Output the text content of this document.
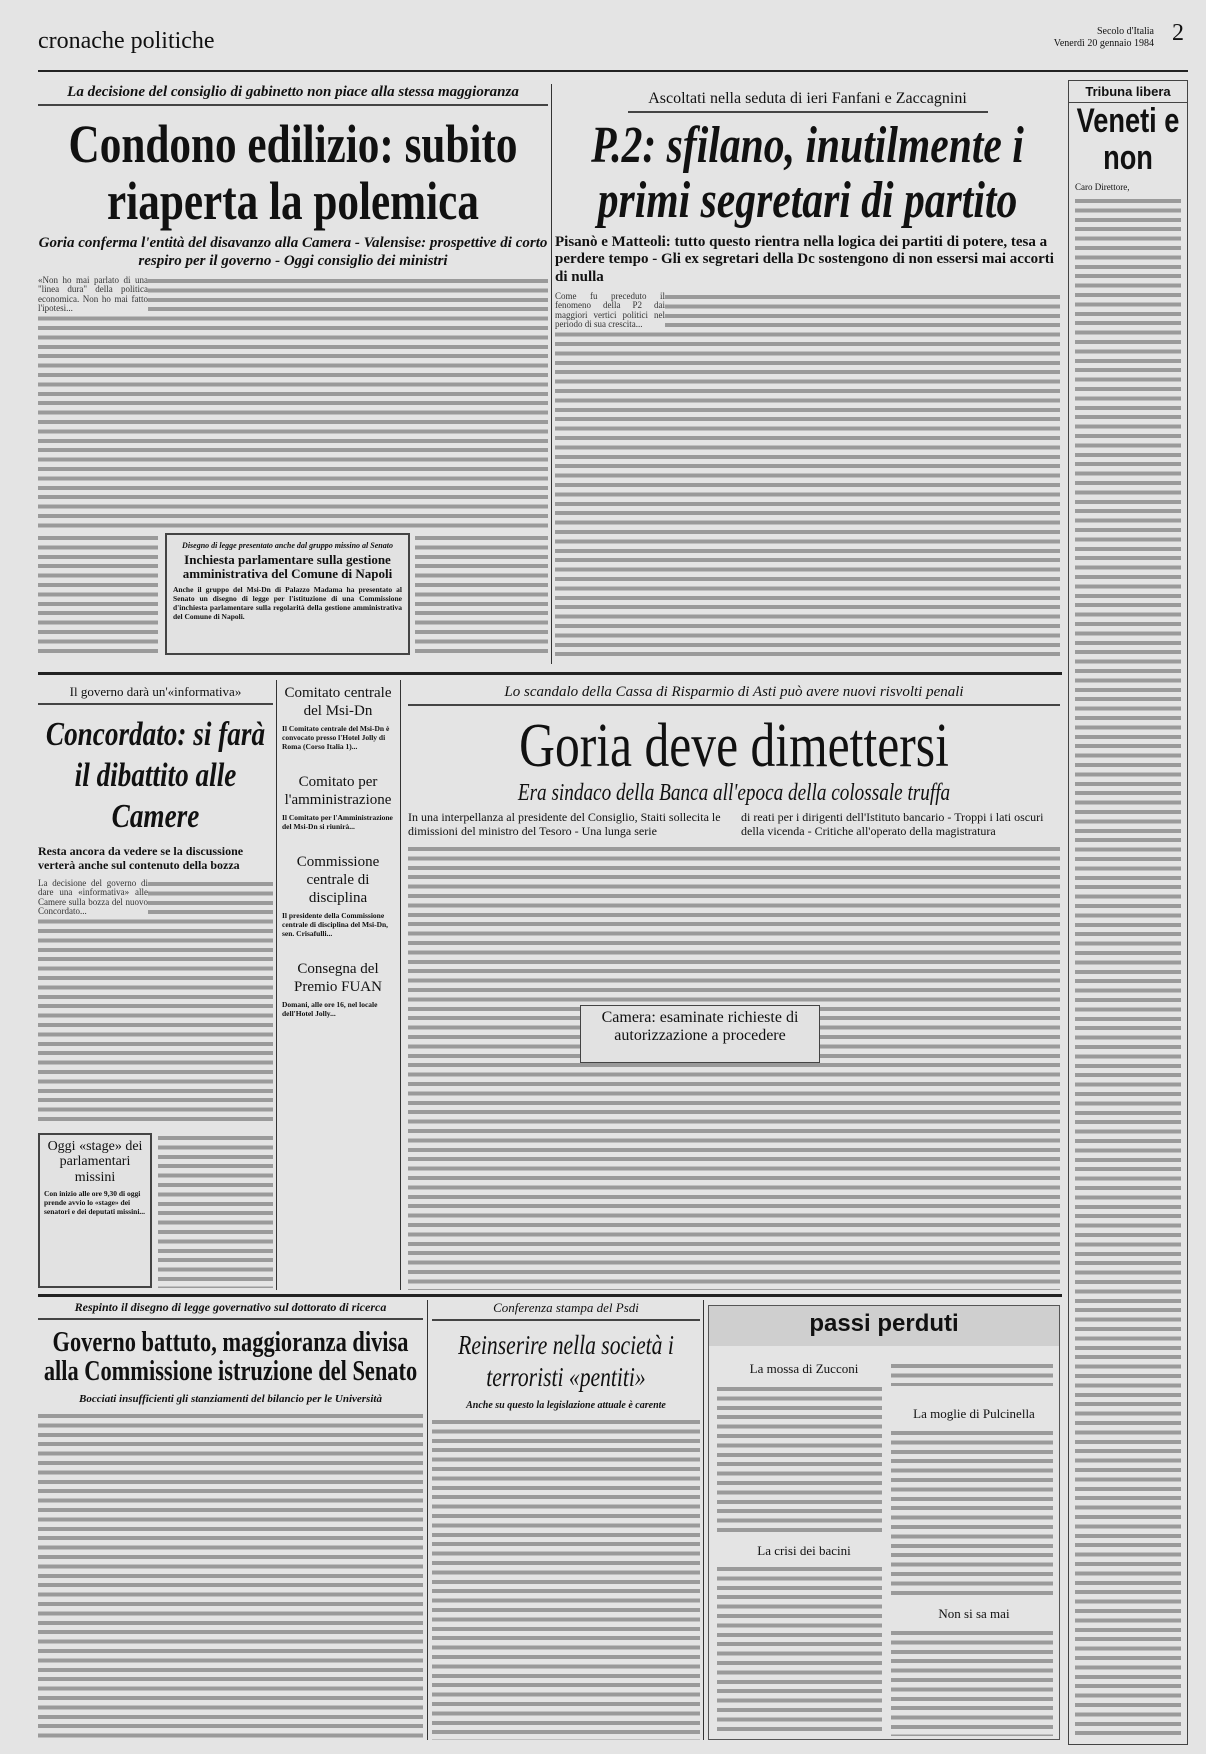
cronache politiche	Secolo d'Italia
Venerdì 20 gennaio 1984 2
La decisione del consiglio di gabinetto non piace alla stessa maggioranza
Condono edilizio: subito riaperta la polemica
Goria conferma l'entità del disavanzo alla Camera - Valensise: prospettive di corto respiro per il governo - Oggi consiglio dei ministri
«Non ho mai parlato di una "linea dura" della politica economica. Non ho mai fatto l'ipotesi...
Disegno di legge presentato anche dal gruppo missino al Senato
Inchiesta parlamentare sulla gestione amministrativa del Comune di Napoli
Anche il gruppo del Msi-Dn di Palazzo Madama ha presentato al Senato un disegno di legge per l'istituzione di una Commissione d'inchiesta parlamentare sulla regolarità della gestione amministrativa del Comune di Napoli.
Ascoltati nella seduta di ieri Fanfani e Zaccagnini
P.2: sfilano, inutilmente i primi segretari di partito
Pisanò e Matteoli: tutto questo rientra nella logica dei partiti di potere, tesa a perdere tempo - Gli ex segretari della Dc sostengono di non essersi mai accorti di nulla
Come fu preceduto il fenomeno della P2 dai maggiori vertici politici nel periodo di sua crescita...
Il governo darà un'«informativa»
Concordato: si farà il dibattito alle Camere
Resta ancora da vedere se la discussione verterà anche sul contenuto della bozza
La decisione del governo di dare una «informativa» alle Camere sulla bozza del nuovo Concordato...
Oggi «stage» dei parlamentari missini
Con inizio alle ore 9,30 di oggi prende avvio lo «stage» dei senatori e dei deputati missini...
Comitato centrale del Msi-Dn
Il Comitato centrale del Msi-Dn è convocato presso l'Hotel Jolly di Roma (Corso Italia 1)...
Comitato per l'amministrazione
Il Comitato per l'Amministrazione del Msi-Dn si riunirà...
Commissione centrale di disciplina
Il presidente della Commissione centrale di disciplina del Msi-Dn, sen. Crisafulli...
Consegna del Premio FUAN
Domani, alle ore 16, nel locale dell'Hotel Jolly...
Lo scandalo della Cassa di Risparmio di Asti può avere nuovi risvolti penali
Goria deve dimettersi
Era sindaco della Banca all'epoca della colossale truffa
In una interpellanza al presidente del Consiglio, Staiti sollecita le dimissioni del ministro del Tesoro - Una lunga serie
di reati per i dirigenti dell'Istituto bancario - Troppi i lati oscuri della vicenda - Critiche all'operato della magistratura
Camera: esaminate richieste di autorizzazione a procedere
Respinto il disegno di legge governativo sul dottorato di ricerca
Governo battuto, maggioranza divisa alla Commissione istruzione del Senato
Bocciati insufficienti gli stanziamenti del bilancio per le Università
Conferenza stampa del Psdi
Reinserire nella società i terroristi «pentiti»
Anche su questo la legislazione attuale è carente
passi perduti
La mossa di Zucconi
La crisi dei bacini
La moglie di Pulcinella
Non si sa mai
Tribuna libera
Veneti e non
Caro Direttore,
